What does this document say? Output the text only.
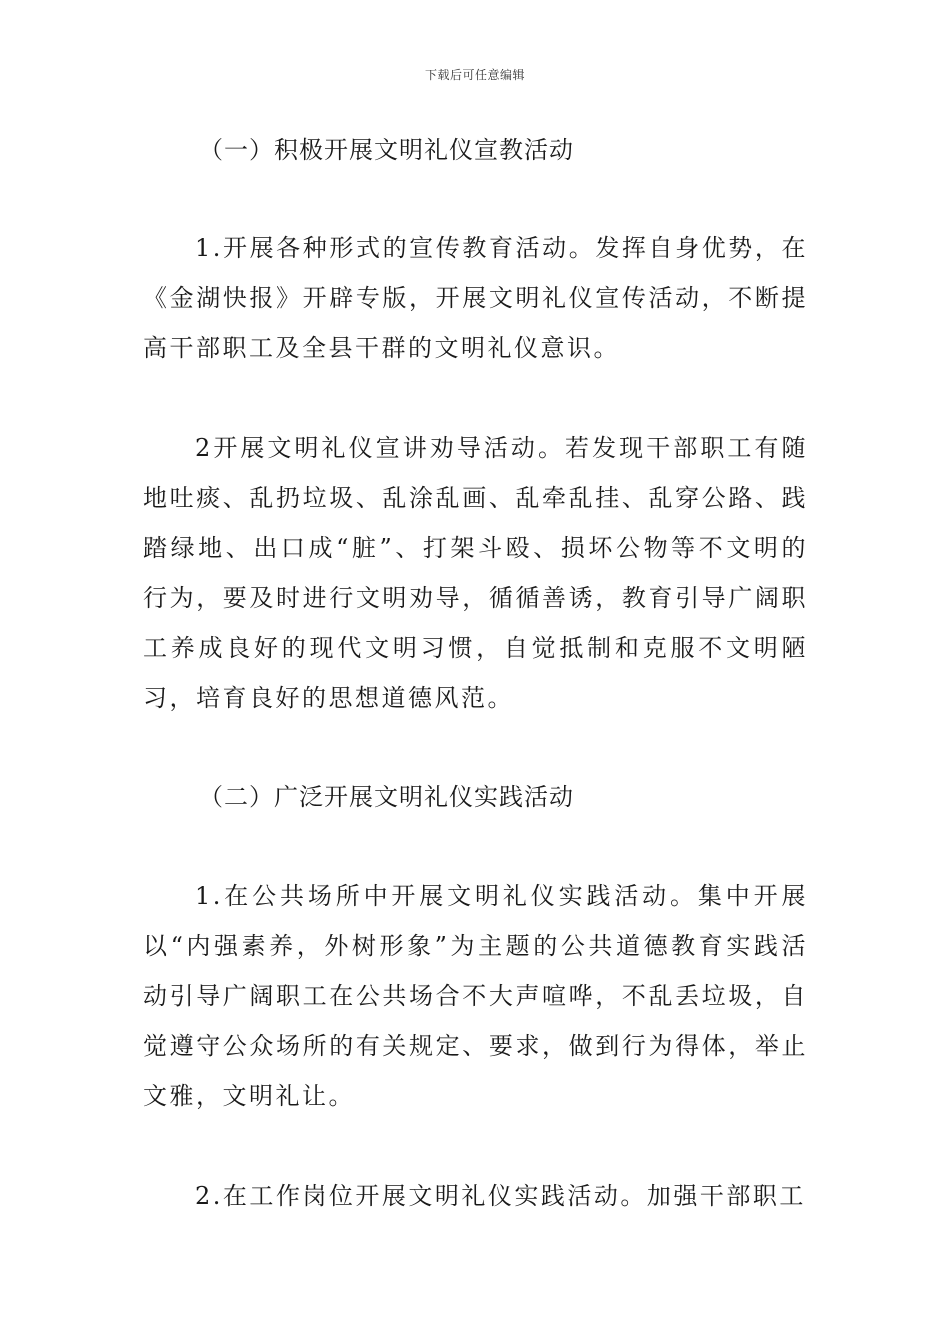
下载后可任意编辑
（一）积极开展文明礼仪宣教活动

1.开展各种形式的宣传教育活动。发挥自身优势，在《金湖快报》开辟专版，开展文明礼仪宣传活动，不断提高干部职工及全县干群的文明礼仪意识。

2开展文明礼仪宣讲劝导活动。若发现干部职工有随地吐痰、乱扔垃圾、乱涂乱画、乱牵乱挂、乱穿公路、践踏绿地、出口成“脏”、打架斗殴、损坏公物等不文明的行为，要及时进行文明劝导，循循善诱，教育引导广阔职工养成良好的现代文明习惯，自觉抵制和克服不文明陋习，培育良好的思想道德风范。

（二）广泛开展文明礼仪实践活动

1.在公共场所中开展文明礼仪实践活动。集中开展以“内强素养，外树形象”为主题的公共道德教育实践活动引导广阔职工在公共场合不大声喧哗，不乱丢垃圾，自觉遵守公众场所的有关规定、要求，做到行为得体，举止文雅，文明礼让。

2.在工作岗位开展文明礼仪实践活动。加强干部职工
